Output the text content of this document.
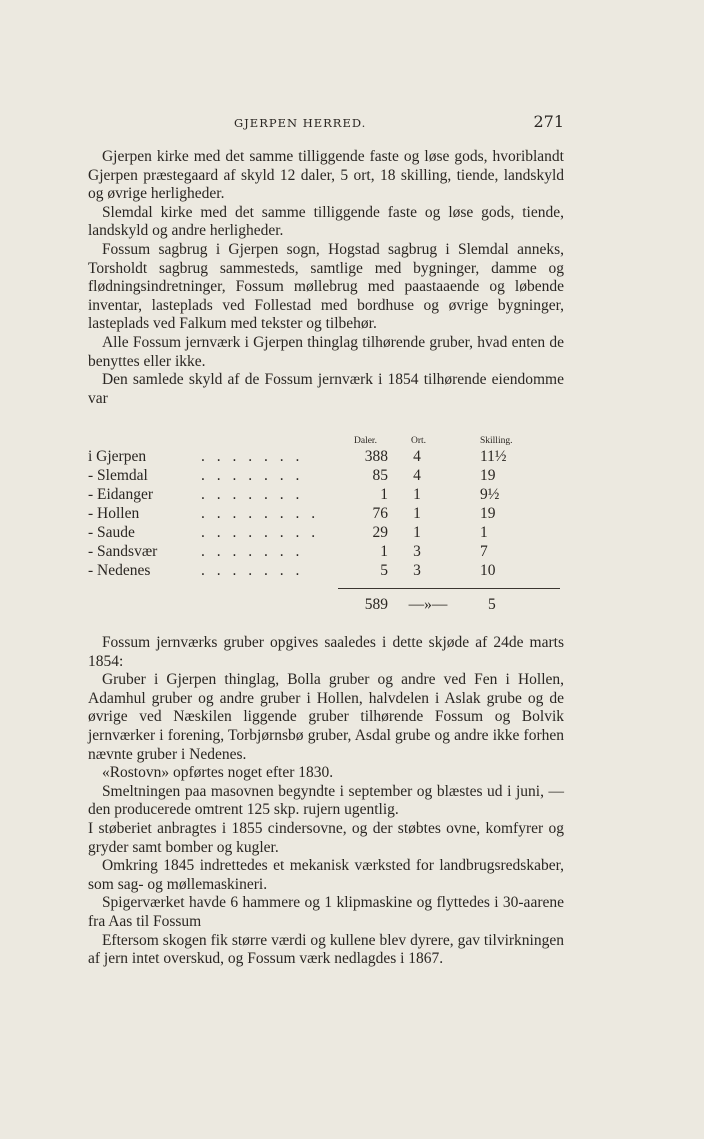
GJERPEN HERRED.	271

Gjerpen kirke med det samme tilliggende faste og løse gods, hvoriblandt Gjerpen præstegaard af skyld 12 daler, 5 ort, 18 skilling, tiende, landskyld og øvrige herligheder.

Slemdal kirke med det samme tilliggende faste og løse gods, tiende, landskyld og andre herligheder.

Fossum sagbrug i Gjerpen sogn, Hogstad sagbrug i Slemdal anneks, Torsholdt sagbrug sammesteds, samtlige med bygninger, damme og flødningsindretninger, Fossum møllebrug med paastaaende og løbende inventar, lasteplads ved Follestad med bordhuse og øvrige bygninger, lasteplads ved Falkum med tekster og tilbehør.

Alle Fossum jernværk i Gjerpen thinglag tilhørende gruber, hvad enten de benyttes eller ikke.

Den samlede skyld af de Fossum jernværk i 1854 tilhørende eiendomme var

Daler.	Ort.	Skilling.
i Gjerpen	. . . . . . .	388	4	11½
- Slemdal	. . . . . . .	85	4	19
- Eidanger	. . . . . . .	1	1	9½
- Hollen	. . . . . . . .	76	1	19
- Saude	. . . . . . . .	29	1	1
- Sandsvær	. . . . . . .	1	3	7
- Nedenes	. . . . . . .	5	3	10
589	—»—	5

Fossum jernværks gruber opgives saaledes i dette skjøde af 24de marts 1854:

Gruber i Gjerpen thinglag, Bolla gruber og andre ved Fen i Hollen, Adamhul gruber og andre gruber i Hollen, halvdelen i Aslak grube og de øvrige ved Næskilen liggende gruber tilhørende Fossum og Bolvik jernværker i forening, Torbjørnsbø gruber, Asdal grube og andre ikke forhen nævnte gruber i Nedenes.

«Rostovn» opførtes noget efter 1830.

Smeltningen paa masovnen begyndte i september og blæstes ud i juni, — den producerede omtrent 125 skp. rujern ugentlig.

I støberiet anbragtes i 1855 cindersovne, og der støbtes ovne, komfyrer og gryder samt bomber og kugler.

Omkring 1845 indrettedes et mekanisk værksted for landbrugsredskaber, som sag- og møllemaskineri.

Spigerværket havde 6 hammere og 1 klipmaskine og flyttedes i 30-aarene fra Aas til Fossum

Eftersom skogen fik større værdi og kullene blev dyrere, gav tilvirkningen af jern intet overskud, og Fossum værk nedlagdes i 1867.
